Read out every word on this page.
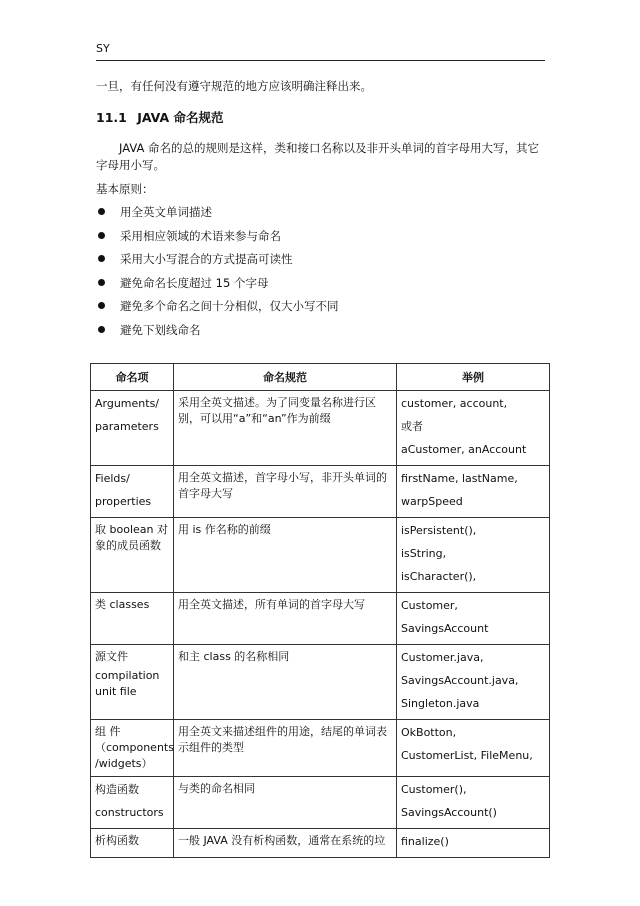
SY
一旦，有任何没有遵守规范的地方应该明确注释出来。
11.1 JAVA 命名规范
JAVA 命名的总的规则是这样，类和接口名称以及非开头单词的首字母用大写，其它字母用小写。
基本原则：
用全英文单词描述
采用相应领域的术语来参与命名
采用大小写混合的方式提高可读性
避免命名长度超过 15 个字母
避免多个命名之间十分相似，仅大小写不同
避免下划线命名
命名项	命名规范	举例

Arguments/
parameters	采用全英文描述。为了同变量名称进行区别，可以用“a”和“an”作为前缀	customer, account,
或者
aCustomer, anAccount

Fields/
properties	用全英文描述，首字母小写，非开头单词的首字母大写	firstName, lastName,
warpSpeed

取 boolean 对象的成员函数	用 is 作名称的前缀	isPersistent(),
isString,
isCharacter(),

类 classes	用全英文描述，所有单词的首字母大写	Customer,
SavingsAccount

源文件
compilation unit file	和主 class 的名称相同	Customer.java,
SavingsAccount.java,
Singleton.java

组 件 （components /widgets）	用全英文来描述组件的用途，结尾的单词表示组件的类型	OkBotton,
CustomerList, FileMenu,

构造函数
constructors	与类的命名相同	Customer(),
SavingsAccount()

析构函数	一般 JAVA 没有析构函数，通常在系统的垃	finalize()
